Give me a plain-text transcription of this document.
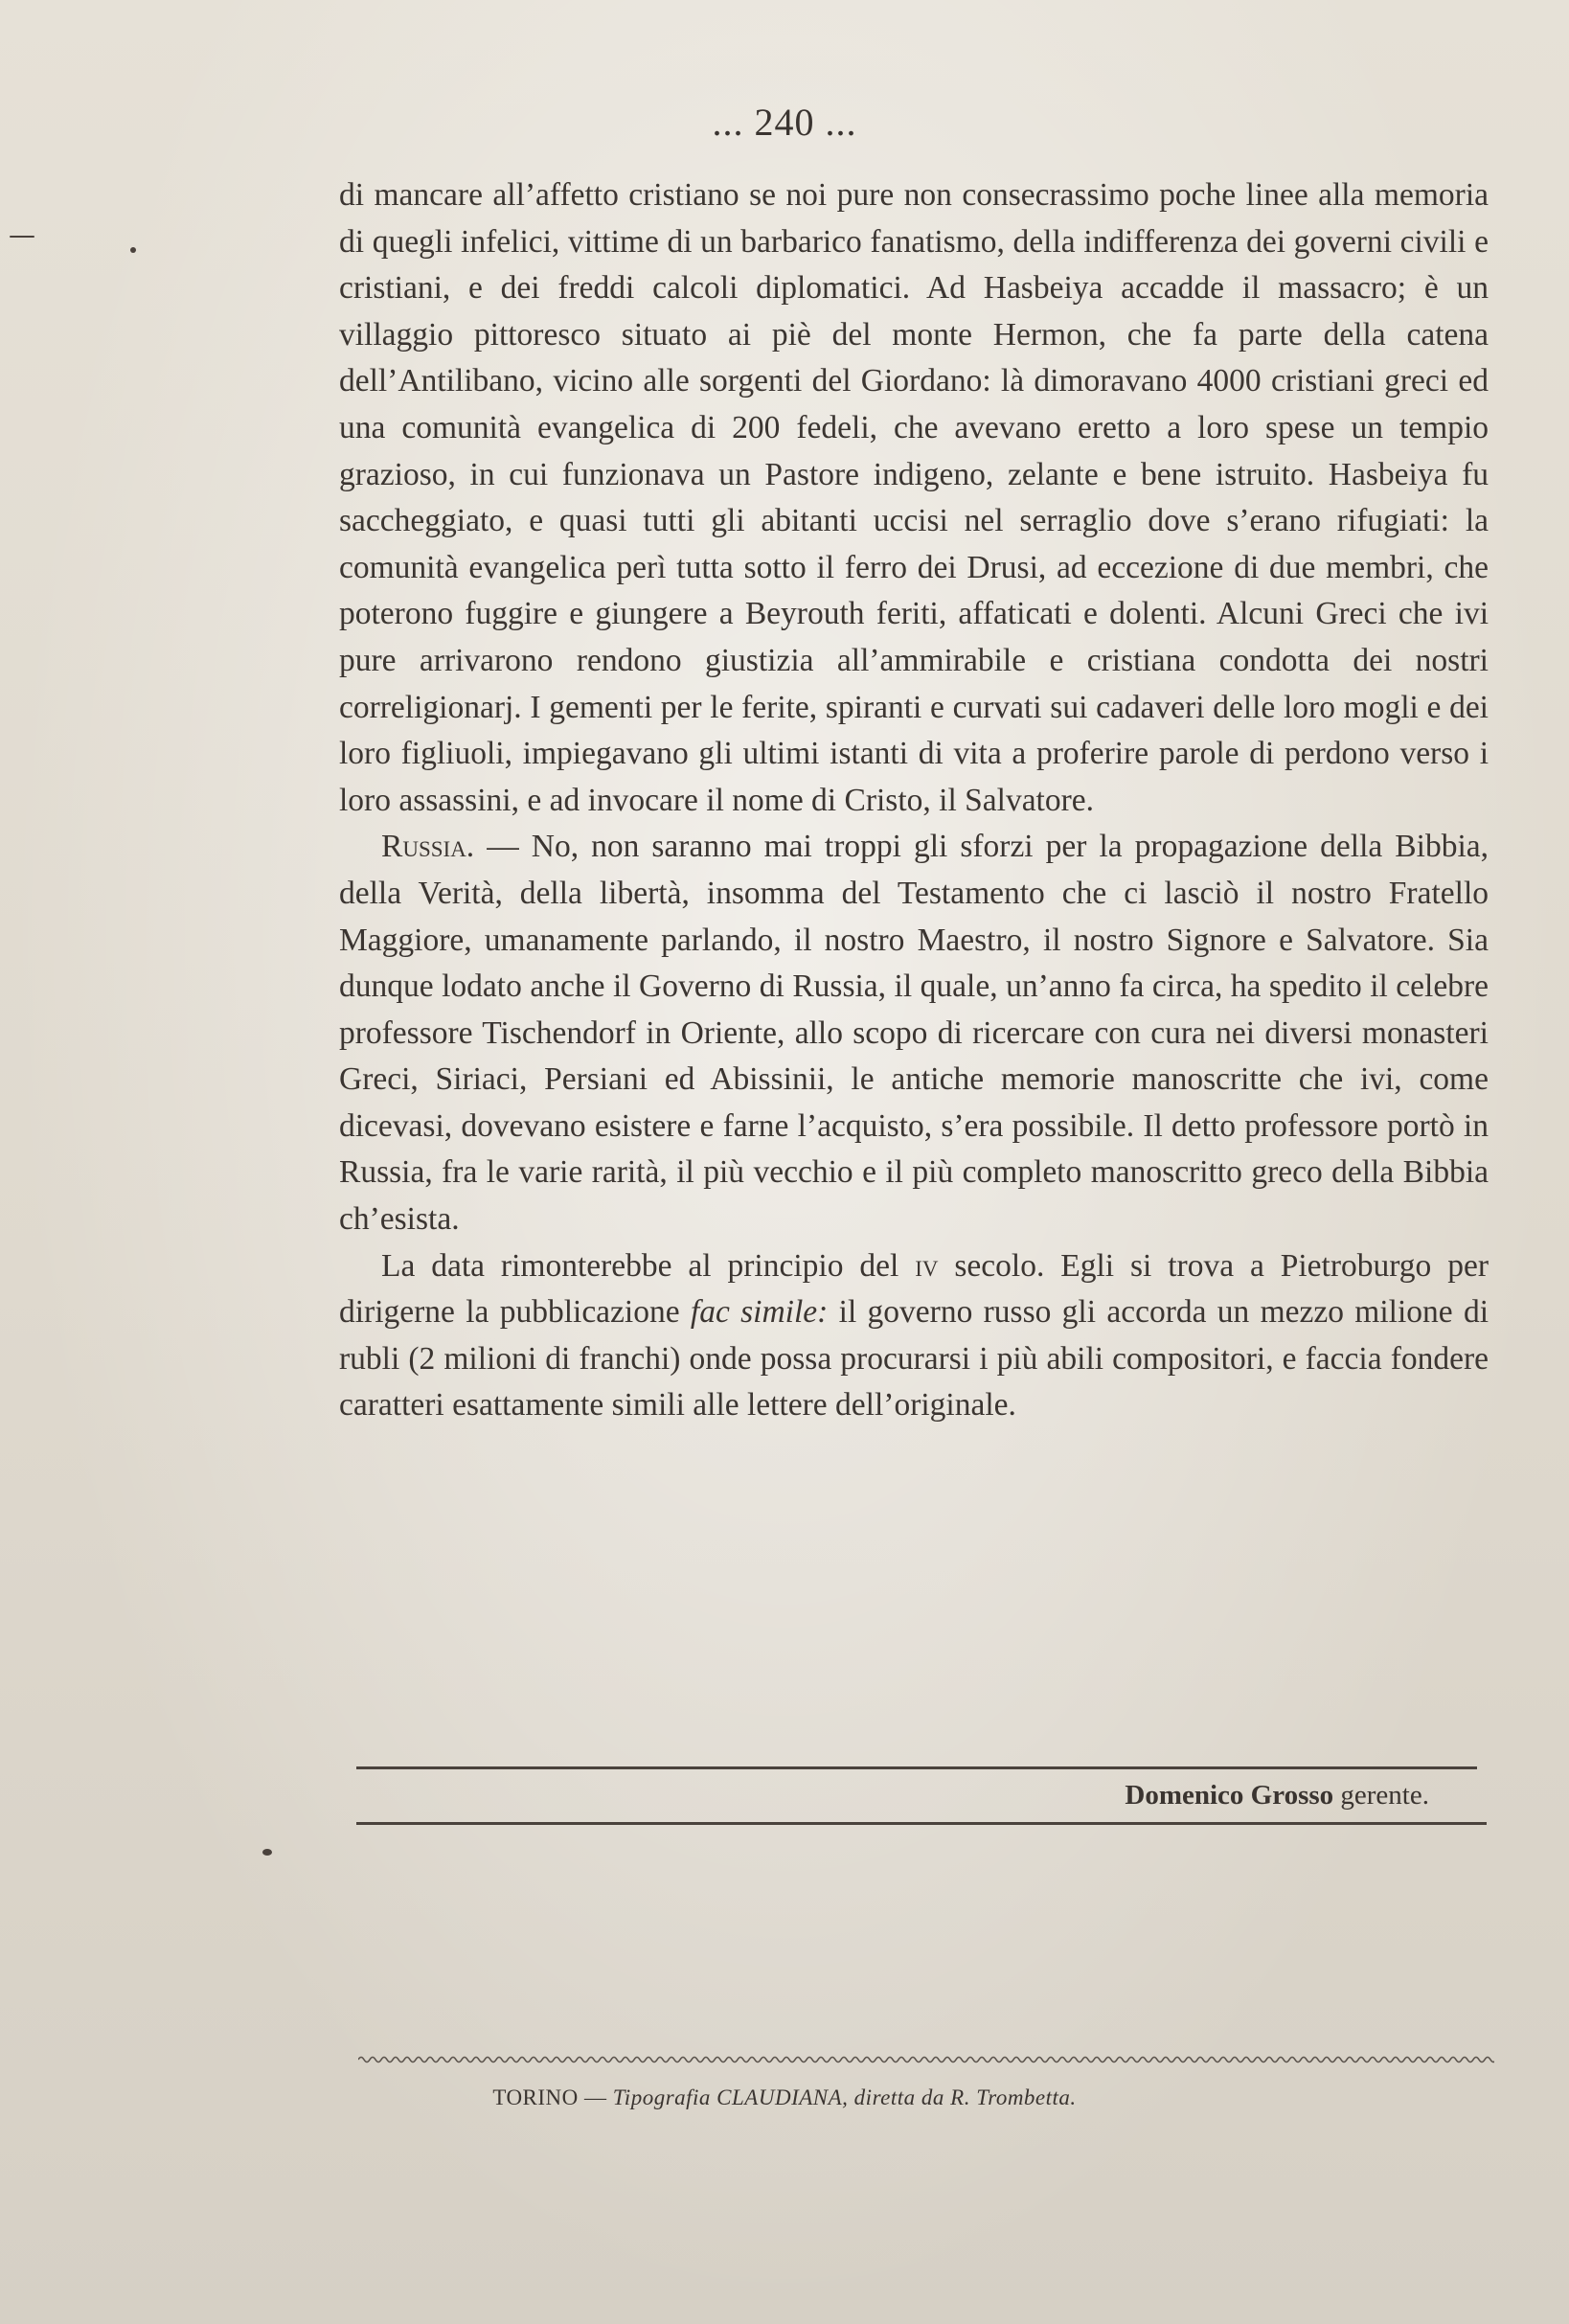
... 240 ...

di mancare all’affetto cristiano se noi pure non consecrassimo poche linee alla memoria di quegli infelici, vittime di un barbarico fanatismo, della indifferenza dei governi civili e cristiani, e dei freddi calcoli diplomatici. Ad Hasbeiya accadde il massacro; è un villaggio pittoresco situato ai piè del monte Hermon, che fa parte della catena dell’Antilibano, vicino alle sorgenti del Giordano: là dimoravano 4000 cristiani greci ed una comunità evangelica di 200 fedeli, che avevano eretto a loro spese un tempio grazioso, in cui funzionava un Pastore indigeno, zelante e bene istruito. Hasbeiya fu saccheggiato, e quasi tutti gli abitanti uccisi nel serraglio dove s’erano rifugiati: la comunità evangelica perì tutta sotto il ferro dei Drusi, ad eccezione di due membri, che poterono fuggire e giungere a Beyrouth feriti, affaticati e dolenti. Alcuni Greci che ivi pure arrivarono rendono giustizia all’ammirabile e cristiana condotta dei nostri correligionarj. I gementi per le ferite, spiranti e curvati sui cadaveri delle loro mogli e dei loro figliuoli, impiegavano gli ultimi istanti di vita a proferire parole di perdono verso i loro assassini, e ad invocare il nome di Cristo, il Salvatore.

Russia. — No, non saranno mai troppi gli sforzi per la propagazione della Bibbia, della Verità, della libertà, insomma del Testamento che ci lasciò il nostro Fratello Maggiore, umanamente parlando, il nostro Maestro, il nostro Signore e Salvatore. Sia dunque lodato anche il Governo di Russia, il quale, un’anno fa circa, ha spedito il celebre professore Tischendorf in Oriente, allo scopo di ricercare con cura nei diversi monasteri Greci, Siriaci, Persiani ed Abissinii, le antiche memorie manoscritte che ivi, come dicevasi, dovevano esistere e farne l’acquisto, s’era possibile. Il detto professore portò in Russia, fra le varie rarità, il più vecchio e il più completo manoscritto greco della Bibbia ch’esista.

La data rimonterebbe al principio del iv secolo. Egli si trova a Pietroburgo per dirigerne la pubblicazione fac simile: il governo russo gli accorda un mezzo milione di rubli (2 milioni di franchi) onde possa procurarsi i più abili compositori, e faccia fondere caratteri esattamente simili alle lettere dell’originale.

Domenico Grosso gerente.
TORINO — Tipografia CLAUDIANA, diretta da R. Trombetta.
